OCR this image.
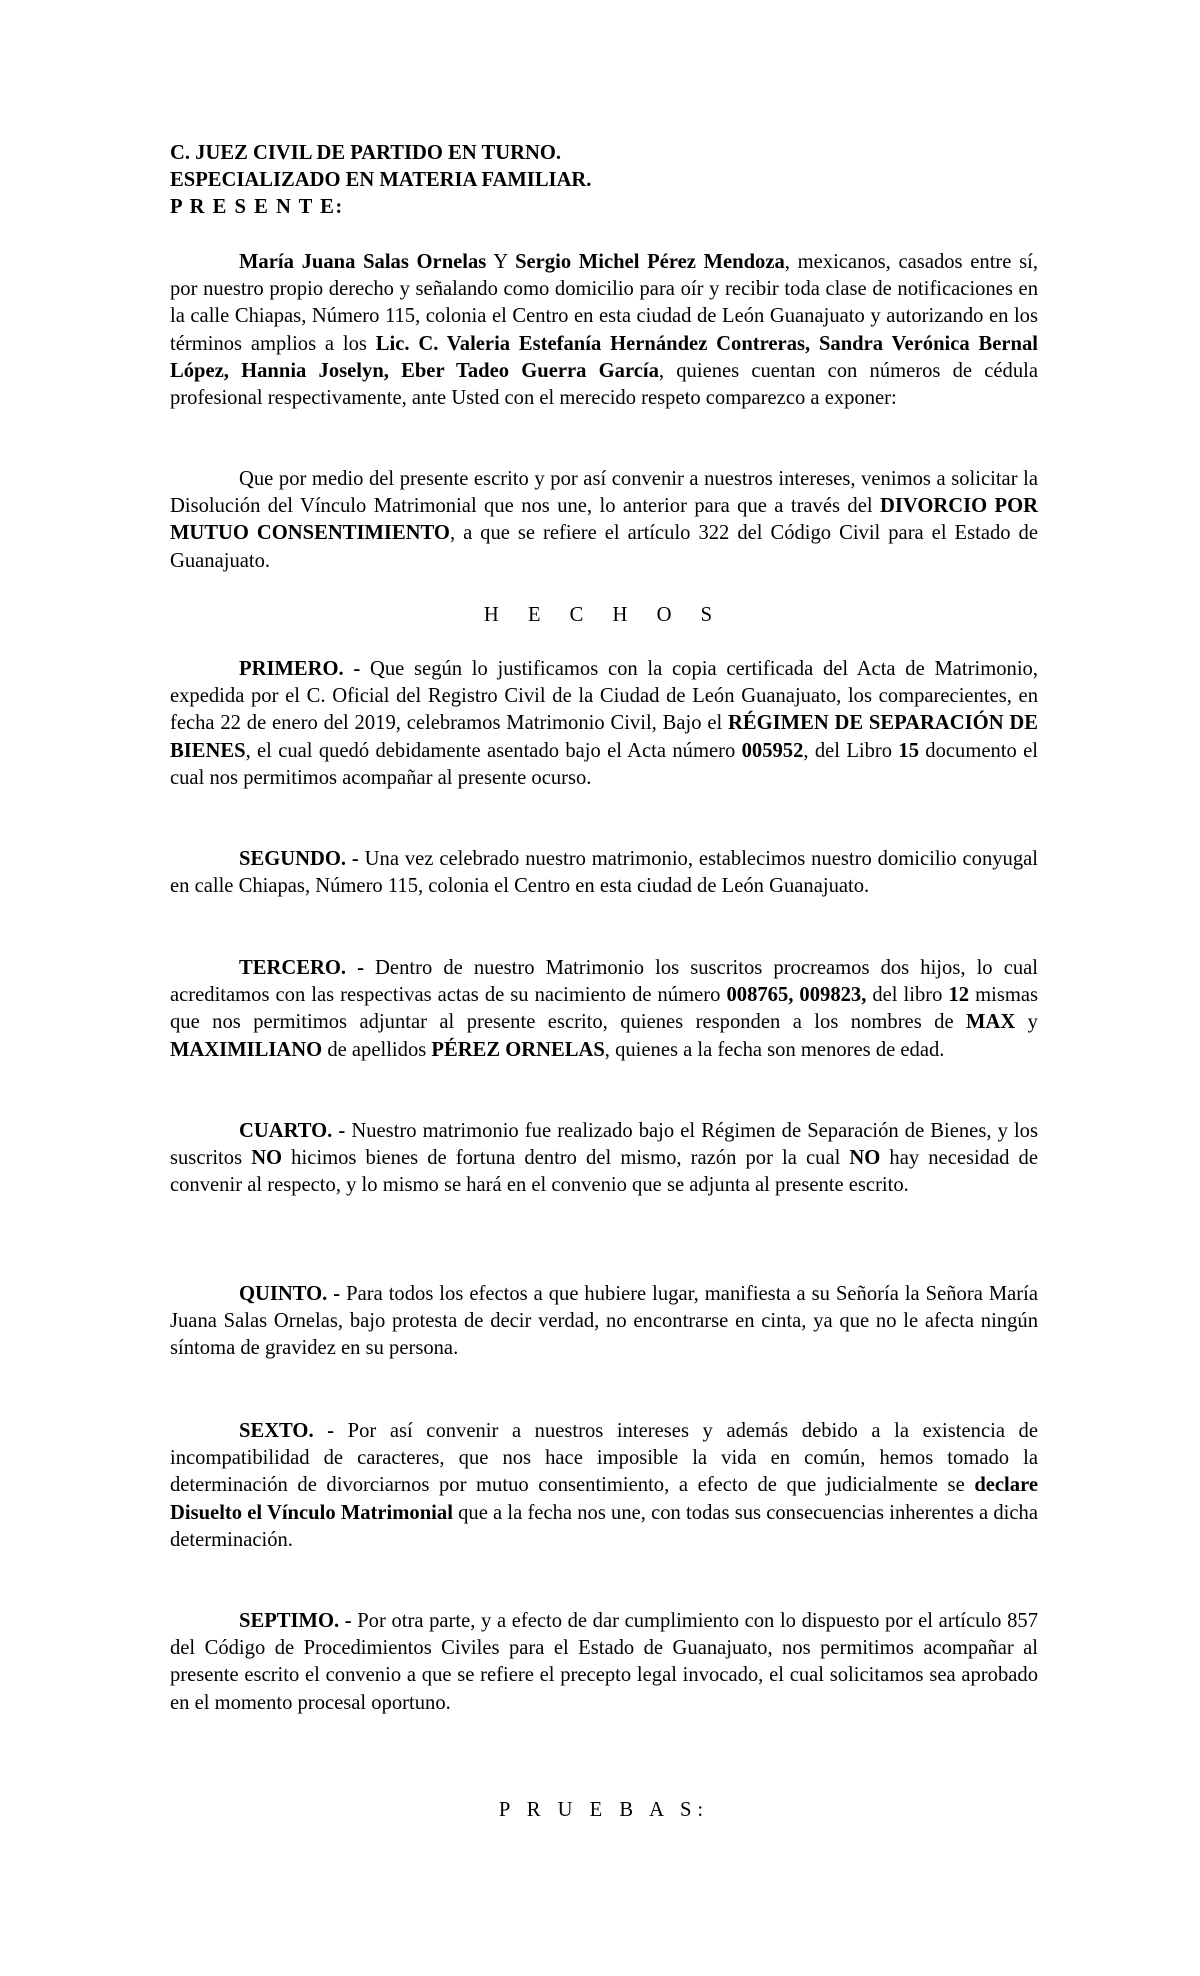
C. JUEZ CIVIL DE PARTIDO EN TURNO.
ESPECIALIZADO EN MATERIA FAMILIAR.
P R E S E N T E:

María Juana Salas Ornelas Y Sergio Michel Pérez Mendoza, mexicanos, casados entre sí, por nuestro propio derecho y señalando como domicilio para oír y recibir toda clase de notificaciones en la calle Chiapas, Número 115, colonia el Centro en esta ciudad de León Guanajuato y autorizando en los términos amplios a los Lic. C. Valeria Estefanía Hernández Contreras, Sandra Verónica Bernal López, Hannia Joselyn, Eber Tadeo Guerra García, quienes cuentan con números de cédula profesional respectivamente, ante Usted con el merecido respeto comparezco a exponer:

Que por medio del presente escrito y por así convenir a nuestros intereses, venimos a solicitar la Disolución del Vínculo Matrimonial que nos une, lo anterior para que a través del DIVORCIO POR MUTUO CONSENTIMIENTO, a que se refiere el artículo 322 del Código Civil para el Estado de Guanajuato.

H E C H O S

PRIMERO. - Que según lo justificamos con la copia certificada del Acta de Matrimonio, expedida por el C. Oficial del Registro Civil de la Ciudad de León Guanajuato, los comparecientes, en fecha 22 de enero del 2019, celebramos Matrimonio Civil, Bajo el RÉGIMEN DE SEPARACIÓN DE BIENES, el cual quedó debidamente asentado bajo el Acta número 005952, del Libro 15 documento el cual nos permitimos acompañar al presente ocurso.

SEGUNDO. - Una vez celebrado nuestro matrimonio, establecimos nuestro domicilio conyugal en calle Chiapas, Número 115, colonia el Centro en esta ciudad de León Guanajuato.

TERCERO. - Dentro de nuestro Matrimonio los suscritos procreamos dos hijos, lo cual acreditamos con las respectivas actas de su nacimiento de número 008765, 009823, del libro 12 mismas que nos permitimos adjuntar al presente escrito, quienes responden a los nombres de MAX y MAXIMILIANO de apellidos PÉREZ ORNELAS, quienes a la fecha son menores de edad.

CUARTO. - Nuestro matrimonio fue realizado bajo el Régimen de Separación de Bienes, y los suscritos NO hicimos bienes de fortuna dentro del mismo, razón por la cual NO hay necesidad de convenir al respecto, y lo mismo se hará en el convenio que se adjunta al presente escrito.

QUINTO. - Para todos los efectos a que hubiere lugar, manifiesta a su Señoría la Señora María Juana Salas Ornelas, bajo protesta de decir verdad, no encontrarse en cinta, ya que no le afecta ningún síntoma de gravidez en su persona.

SEXTO. - Por así convenir a nuestros intereses y además debido a la existencia de incompatibilidad de caracteres, que nos hace imposible la vida en común, hemos tomado la determinación de divorciarnos por mutuo consentimiento, a efecto de que judicialmente se declare Disuelto el Vínculo Matrimonial que a la fecha nos une, con todas sus consecuencias inherentes a dicha determinación.

SEPTIMO. - Por otra parte, y a efecto de dar cumplimiento con lo dispuesto por el artículo 857 del Código de Procedimientos Civiles para el Estado de Guanajuato, nos permitimos acompañar al presente escrito el convenio a que se refiere el precepto legal invocado, el cual solicitamos sea aprobado en el momento procesal oportuno.

P R U E B A S:
